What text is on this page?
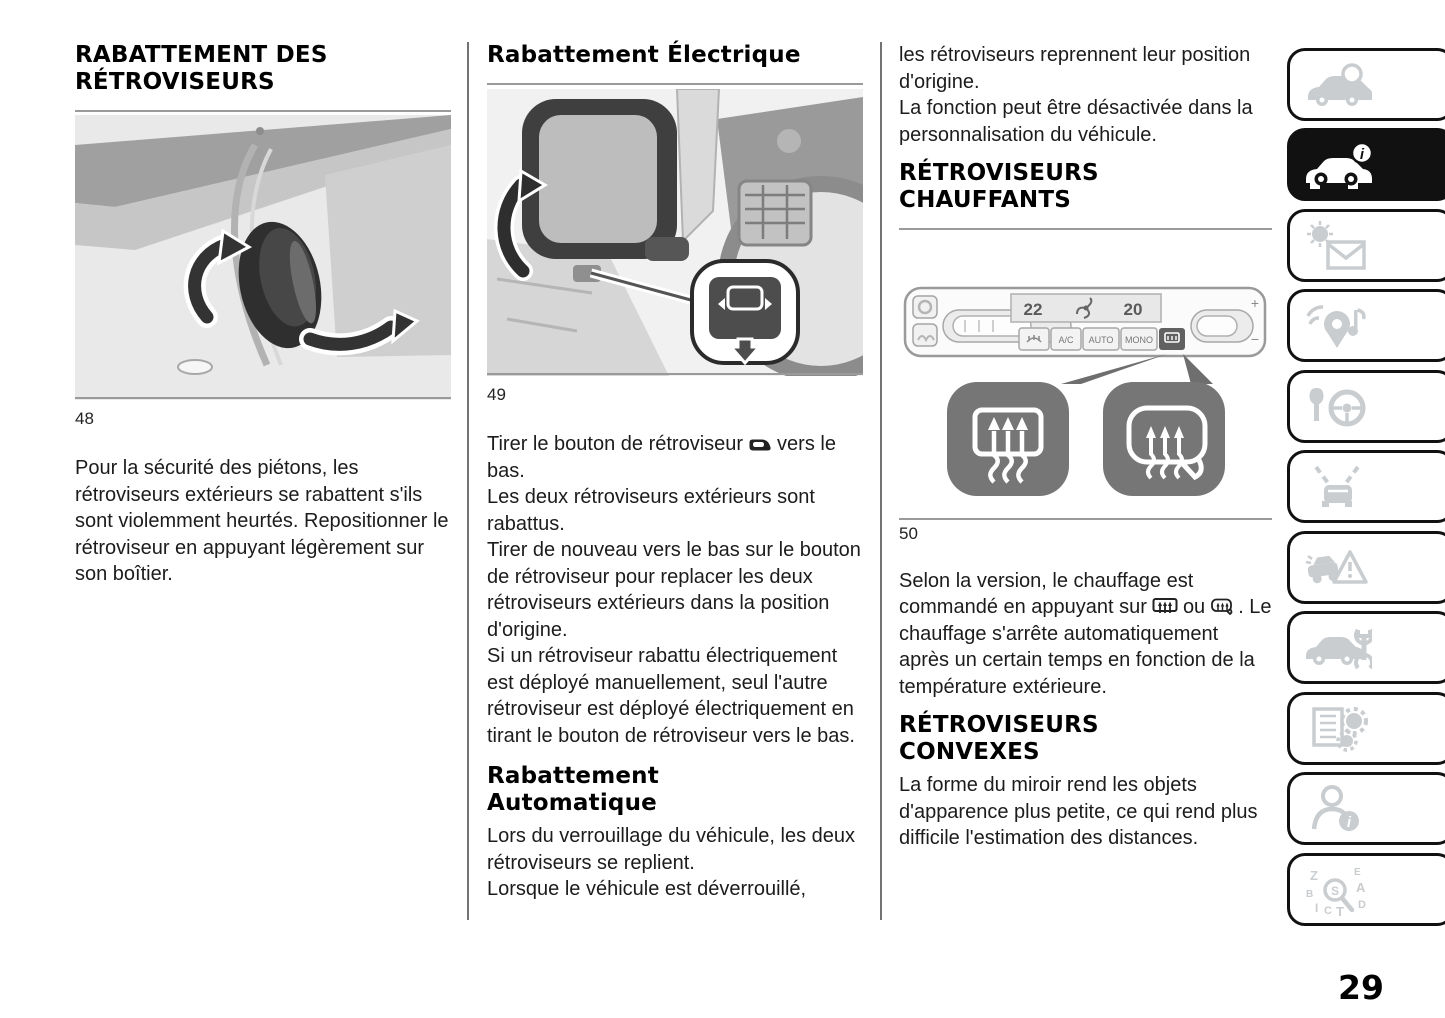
RABATTEMENT DES RÉTROVISEURS
48
Pour la sécurité des piétons, les rétroviseurs extérieurs se rabattent s'ils sont violemment heurtés. Repositionner le rétroviseur en appuyant légèrement sur son boîtier.
Rabattement Électrique
49

Tirer le bouton de rétroviseur vers le bas.

Les deux rétroviseurs extérieurs sont rabattus.

Tirer de nouveau vers le bas sur le bouton de rétroviseur pour replacer les deux rétroviseurs extérieurs dans la position d'origine.

Si un rétroviseur rabattu électriquement est déployé manuellement, seul l'autre rétroviseur est déployé électriquement en tirant le bouton de rétroviseur vers le bas.

Rabattement Automatique

Lors du verrouillage du véhicule, les deux rétroviseurs se replient.

Lorsque le véhicule est déverrouillé,

les rétroviseurs reprennent leur position d'origine.

La fonction peut être désactivée dans la personnalisation du véhicule.

RÉTROVISEURS CHAUFFANTS
22	20
A/C AUTO MONO
+
−
50

Selon la version, le chauffage est commandé en appuyant sur ou . Le chauffage s'arrête automatiquement après un certain temps en fonction de la température extérieure.

RÉTROVISEURS CONVEXES
La forme du miroir rend les objets d'apparence plus petite, ce qui rend plus difficile l'estimation des distances.
i
i
Z	E
B	A
I C T D
S
29
